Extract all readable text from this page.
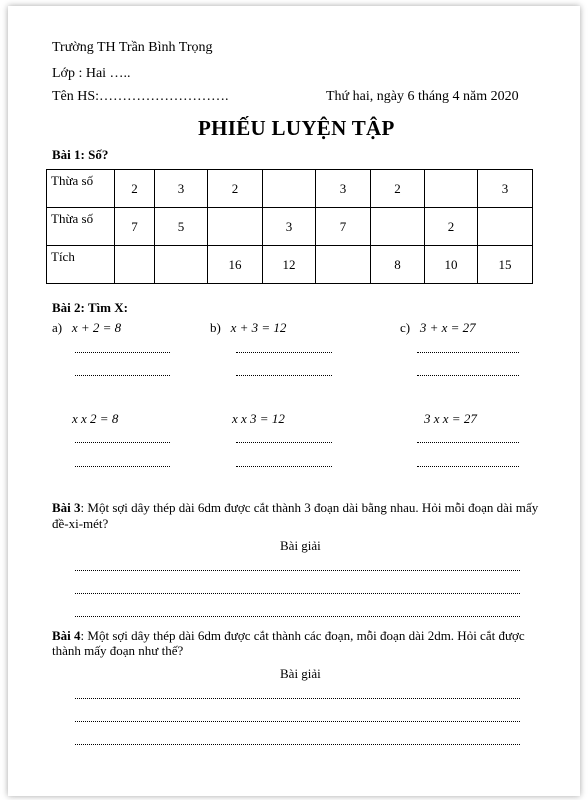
Trường TH Trần Bình Trọng
Lớp : Hai …..
Tên HS:……………………….	Thứ hai, ngày 6 tháng 4 năm 2020
PHIẾU LUYỆN TẬP
Bài 1: Số?
Thừa số	2	3	2		3	2		3
Thừa số	7	5		3	7		2	
Tích			16	12		8	10	15
Bài 2: Tìm X:
a) x + 2 = 8	b) x + 3 = 12	c) 3 + x = 27
x x 2 = 8	x x 3 = 12	3 x x = 27
Bài 3: Một sợi dây thép dài 6dm được cắt thành 3 đoạn dài bằng nhau. Hỏi mỗi đoạn dài mấy
đề-xi-mét?
Bài giải
Bài 4: Một sợi dây thép dài 6dm được cắt thành các đoạn, mỗi đoạn dài 2dm. Hỏi cắt được
thành mấy đoạn như thế?
Bài giải
